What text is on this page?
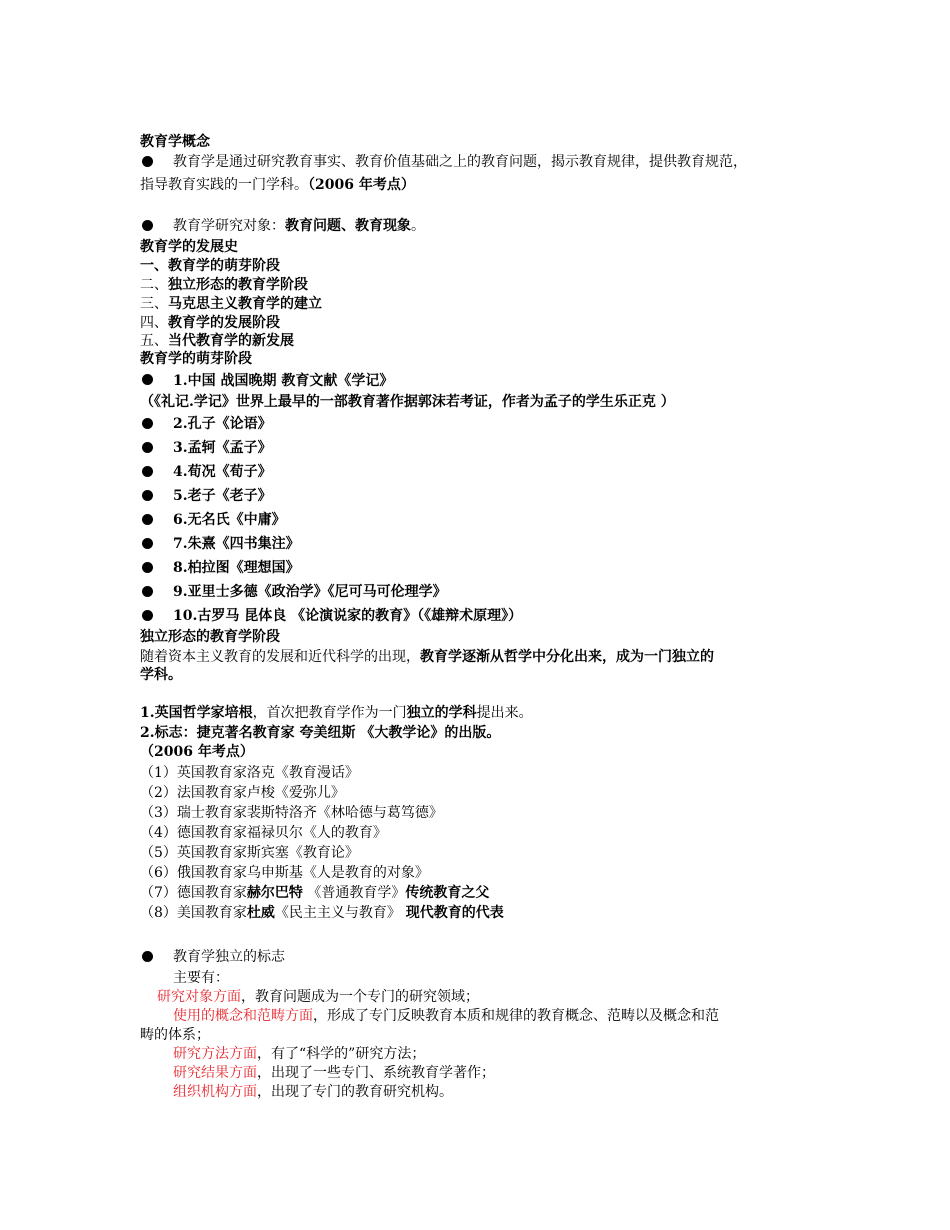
教育学概念
教育学是通过研究教育事实、教育价值基础之上的教育问题，揭示教育规律，提供教育规范，
指导教育实践的一门学科。（2006 年考点）
教育学研究对象：教育问题、教育现象。
教育学的发展史
一、教育学的萌芽阶段
二、独立形态的教育学阶段
三、马克思主义教育学的建立
四、教育学的发展阶段
五、当代教育学的新发展
教育学的萌芽阶段
1.中国 战国晚期 教育文献《学记》
（《礼记.学记》世界上最早的一部教育著作据郭沫若考证，作者为孟子的学生乐正克 ）
2.孔子《论语》
3.孟轲《孟子》
4.荀况《荀子》
5.老子《老子》
6.无名氏《中庸》
7.朱熹《四书集注》
8.柏拉图《理想国》
9.亚里士多德《政治学》《尼可马可伦理学》
10.古罗马 昆体良 《论演说家的教育》（《雄辩术原理》）
独立形态的教育学阶段
随着资本主义教育的发展和近代科学的出现，教育学逐渐从哲学中分化出来，成为一门独立的
学科。
1.英国哲学家培根，首次把教育学作为一门独立的学科提出来。
2.标志：捷克著名教育家 夸美纽斯 《大教学论》的出版。
（2006 年考点）
（1）英国教育家洛克《教育漫话》
（2）法国教育家卢梭《爱弥儿》
（3）瑞士教育家裴斯特洛齐《林哈德与葛笃德》
（4）德国教育家福禄贝尔《人的教育》
（5）英国教育家斯宾塞《教育论》
（6）俄国教育家乌申斯基《人是教育的对象》
（7）德国教育家赫尔巴特 《普通教育学》传统教育之父
（8）美国教育家杜威《民主主义与教育》 现代教育的代表
教育学独立的标志
主要有：
研究对象方面，教育问题成为一个专门的研究领域；
使用的概念和范畴方面，形成了专门反映教育本质和规律的教育概念、范畴以及概念和范
畴的体系；
研究方法方面，有了“科学的”研究方法；
研究结果方面，出现了一些专门、系统教育学著作；
组织机构方面，出现了专门的教育研究机构。
